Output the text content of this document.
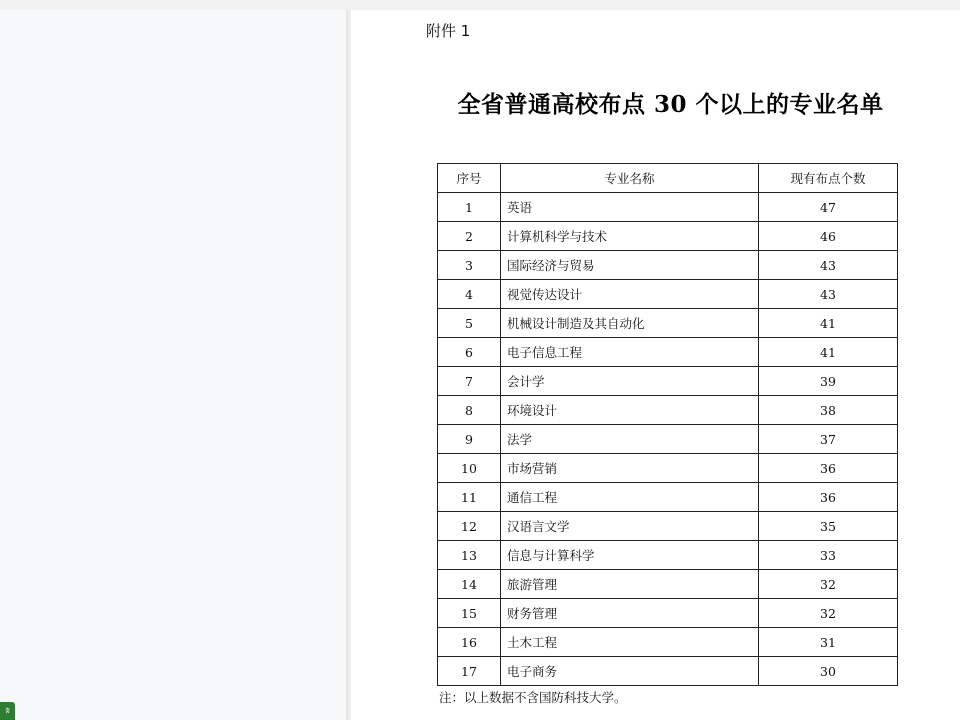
ʬ
附件 1
全省普通高校布点 30 个以上的专业名单
序号	专业名称	现有布点个数
1	英语	47
2	计算机科学与技术	46
3	国际经济与贸易	43
4	视觉传达设计	43
5	机械设计制造及其自动化	41
6	电子信息工程	41
7	会计学	39
8	环境设计	38
9	法学	37
10	市场营销	36
11	通信工程	36
12	汉语言文学	35
13	信息与计算科学	33
14	旅游管理	32
15	财务管理	32
16	土木工程	31
17	电子商务	30
注：以上数据不含国防科技大学。
